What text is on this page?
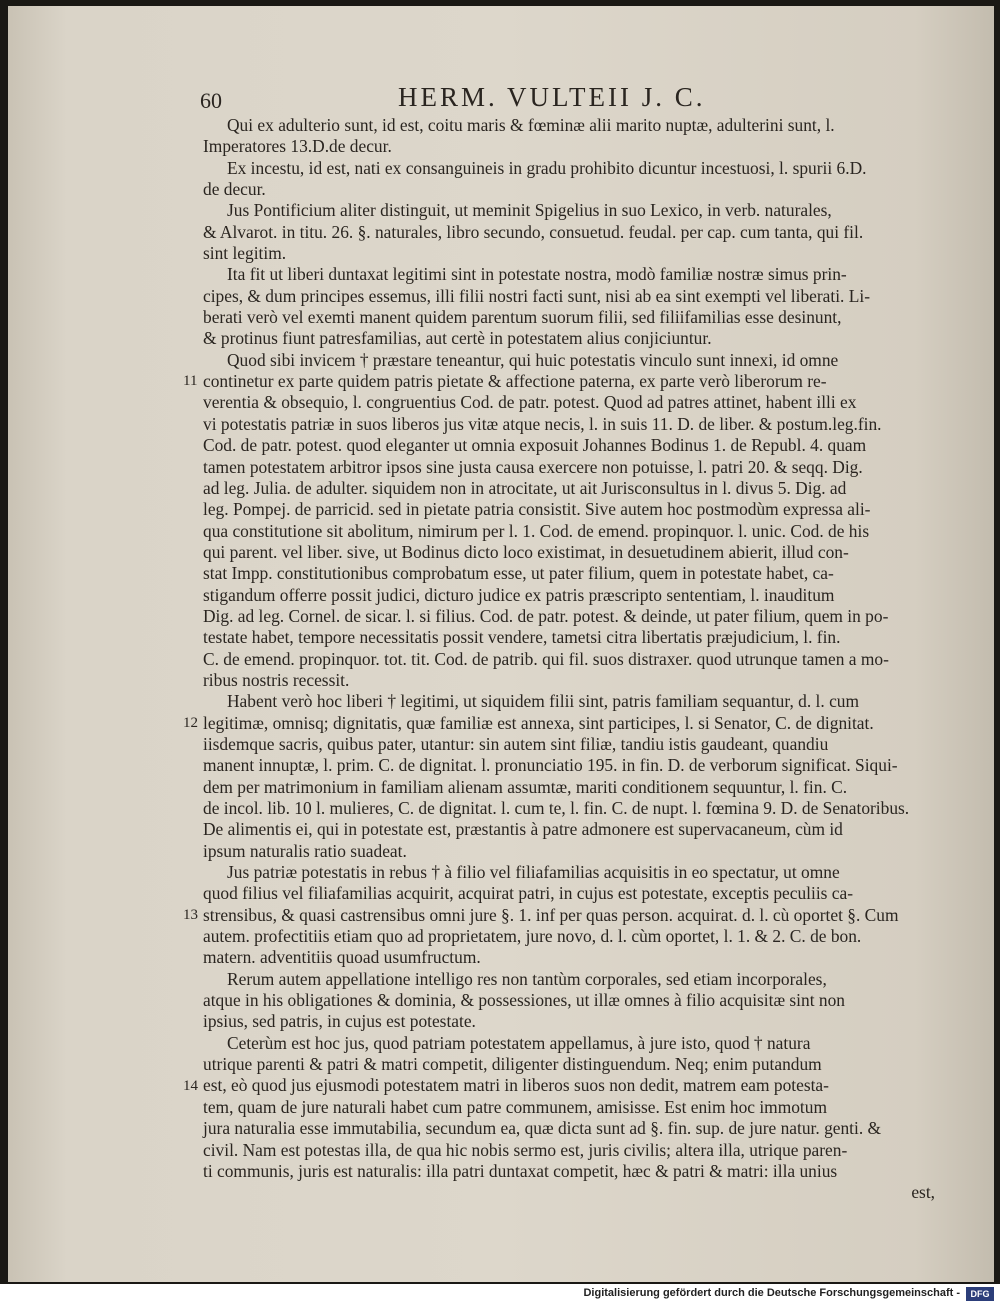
60	HERM. VULTEII J. C.
Qui ex adulterio sunt, id est, coitu maris & fœminæ alii marito nuptæ, adulterini sunt, l.
Imperatores 13.D.de decur.
Ex incestu, id est, nati ex consanguineis in gradu prohibito dicuntur incestuosi, l. spurii 6.D.
de decur.
Jus Pontificium aliter distinguit, ut meminit Spigelius in suo Lexico, in verb. naturales,
& Alvarot. in titu. 26. §. naturales, libro secundo, consuetud. feudal. per cap. cum tanta, qui fil.
sint legitim.
Ita fit ut liberi duntaxat legitimi sint in potestate nostra, modò familiæ nostræ simus prin-
cipes, & dum principes essemus, illi filii nostri facti sunt, nisi ab ea sint exempti vel liberati. Li-
berati verò vel exemti manent quidem parentum suorum filii, sed filiifamilias esse desinunt,
& protinus fiunt patresfamilias, aut certè in potestatem alius conjiciuntur.
Quod sibi invicem † præstare teneantur, qui huic potestatis vinculo sunt innexi, id omne
continetur ex parte quidem patris pietate & affectione paterna, ex parte verò liberorum re-
verentia & obsequio, l. congruentius Cod. de patr. potest. Quod ad patres attinet, habent illi ex
vi potestatis patriæ in suos liberos jus vitæ atque necis, l. in suis 11. D. de liber. & postum.leg.fin.
Cod. de patr. potest. quod eleganter ut omnia exposuit Johannes Bodinus 1. de Republ. 4. quam
tamen potestatem arbitror ipsos sine justa causa exercere non potuisse, l. patri 20. & seqq. Dig.
ad leg. Julia. de adulter. siquidem non in atrocitate, ut ait Jurisconsultus in l. divus 5. Dig. ad
leg. Pompej. de parricid. sed in pietate patria consistit. Sive autem hoc postmodùm expressa ali-
qua constitutione sit abolitum, nimirum per l. 1. Cod. de emend. propinquor. l. unic. Cod. de his
qui parent. vel liber. sive, ut Bodinus dicto loco existimat, in desuetudinem abierit, illud con-
stat Impp. constitutionibus comprobatum esse, ut pater filium, quem in potestate habet, ca-
stigandum offerre possit judici, dicturo judice ex patris præscripto sententiam, l. inauditum
Dig. ad leg. Cornel. de sicar. l. si filius. Cod. de patr. potest. & deinde, ut pater filium, quem in po-
testate habet, tempore necessitatis possit vendere, tametsi citra libertatis præjudicium, l. fin.
C. de emend. propinquor. tot. tit. Cod. de patrib. qui fil. suos distraxer. quod utrunque tamen a mo-
ribus nostris recessit.
Habent verò hoc liberi † legitimi, ut siquidem filii sint, patris familiam sequantur, d. l. cum
legitimæ, omnisq; dignitatis, quæ familiæ est annexa, sint participes, l. si Senator, C. de dignitat.
iisdemque sacris, quibus pater, utantur: sin autem sint filiæ, tandiu istis gaudeant, quandiu
manent innuptæ, l. prim. C. de dignitat. l. pronunciatio 195. in fin. D. de verborum significat. Siqui-
dem per matrimonium in familiam alienam assumtæ, mariti conditionem sequuntur, l. fin. C.
de incol. lib. 10 l. mulieres, C. de dignitat. l. cum te, l. fin. C. de nupt. l. fœmina 9. D. de Senatoribus.
De alimentis ei, qui in potestate est, præstantis à patre admonere est supervacaneum, cùm id
ipsum naturalis ratio suadeat.
Jus patriæ potestatis in rebus † à filio vel filiafamilias acquisitis in eo spectatur, ut omne
quod filius vel filiafamilias acquirit, acquirat patri, in cujus est potestate, exceptis peculiis ca-
strensibus, & quasi castrensibus omni jure §. 1. inf per quas person. acquirat. d. l. cù oportet §. Cum
autem. profectitiis etiam quo ad proprietatem, jure novo, d. l. cùm oportet, l. 1. & 2. C. de bon.
matern. adventitiis quoad usumfructum.
Rerum autem appellatione intelligo res non tantùm corporales, sed etiam incorporales,
atque in his obligationes & dominia, & possessiones, ut illæ omnes à filio acquisitæ sint non
ipsius, sed patris, in cujus est potestate.
Ceterùm est hoc jus, quod patriam potestatem appellamus, à jure isto, quod † natura
utrique parenti & patri & matri competit, diligenter distinguendum. Neq; enim putandum
est, eò quod jus ejusmodi potestatem matri in liberos suos non dedit, matrem eam potesta-
tem, quam de jure naturali habet cum patre communem, amisisse. Est enim hoc immotum
jura naturalia esse immutabilia, secundum ea, quæ dicta sunt ad §. fin. sup. de jure natur. genti. &
civil. Nam est potestas illa, de qua hic nobis sermo est, juris civilis; altera illa, utrique paren-
ti communis, juris est naturalis: illa patri duntaxat competit, hæc & patri & matri: illa unius
est,
11
12
13
14
Digitalisierung gefördert durch die Deutsche Forschungsgemeinschaft -	DFG
